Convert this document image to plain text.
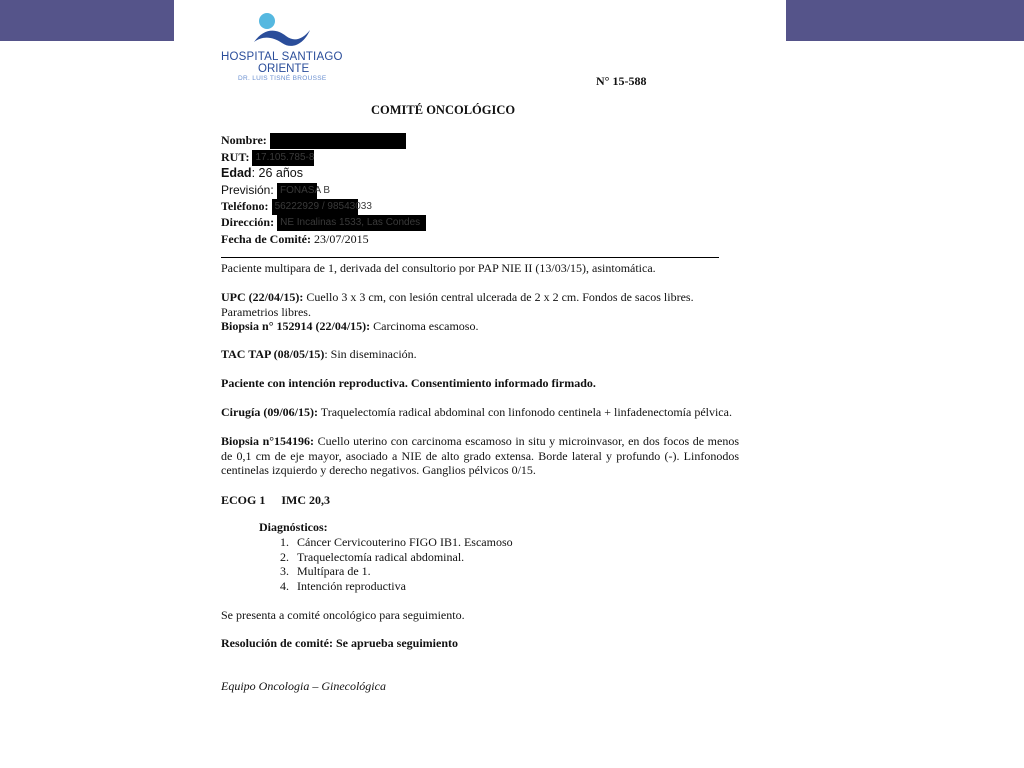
HOSPITAL SANTIAGO
ORIENTE
DR. LUIS TISNÉ BROUSSE	N° 15-588
COMITÉ ONCOLÓGICO
Nombre:
RUT: 17.105.785-8
Edad: 26 años
Previsión: FONASA B
Teléfono: 56222929 / 98543033
Dirección: NE Incalinas 1533, Las Condes
Fecha de Comité: 23/07/2015
Paciente multipara de 1, derivada del consultorio por PAP NIE II (13/03/15), asintomática.
UPC (22/04/15): Cuello 3 x 3 cm, con lesión central ulcerada de 2 x 2 cm. Fondos de sacos libres. Parametrios libres.
Biopsia n° 152914 (22/04/15): Carcinoma escamoso.
TAC TAP (08/05/15): Sin diseminación.
Paciente con intención reproductiva. Consentimiento informado firmado.
Cirugía (09/06/15): Traquelectomía radical abdominal con linfonodo centinela + linfadenectomía pélvica.
Biopsia n°154196: Cuello uterino con carcinoma escamoso in situ y microinvasor, en dos focos de menos de 0,1 cm de eje mayor, asociado a NIE de alto grado extensa. Borde lateral y profundo (-). Linfonodos centinelas izquierdo y derecho negativos. Ganglios pélvicos 0/15.
ECOG 1 IMC 20,3
Diagnósticos:
1. Cáncer Cervicouterino FIGO IB1. Escamoso
2. Traquelectomía radical abdominal.
3. Multípara de 1.
4. Intención reproductiva
Se presenta a comité oncológico para seguimiento.
Resolución de comité: Se aprueba seguimiento
Equipo Oncologia – Ginecológica
